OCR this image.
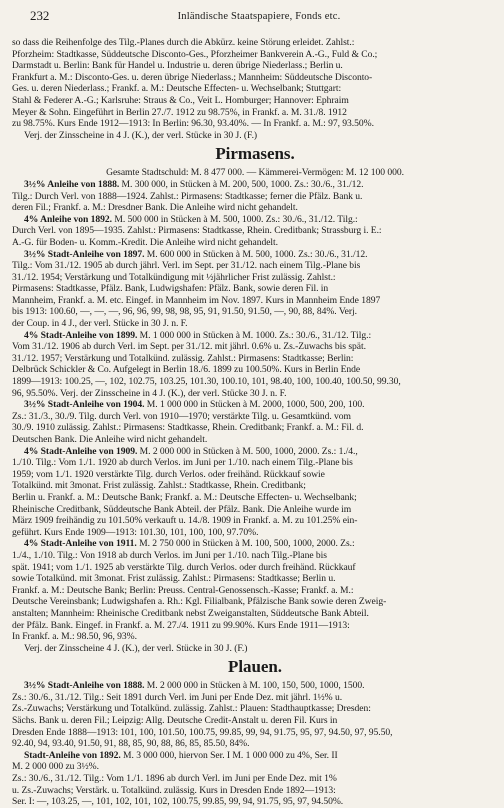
232	Inländische Staatspapiere, Fonds etc.

so dass die Reihenfolge des Tilg.-Planes durch die Abkürz. keine Störung erleidet. Zahlst.:

Pforzheim: Stadtkasse, Süddeutsche Disconto-Ges., Pforzheimer Bankverein A.-G., Fuld & Co.;

Darmstadt u. Berlin: Bank für Handel u. Industrie u. deren übrige Niederlass.; Berlin u.

Frankfurt a. M.: Disconto-Ges. u. deren übrige Niederlass.; Mannheim: Süddeutsche Disconto-

Ges. u. deren Niederlass.; Frankf. a. M.: Deutsche Effecten- u. Wechselbank; Stuttgart:

Stahl & Federer A.-G.; Karlsruhe: Straus & Co., Veit L. Homburger; Hannover: Ephraim

Meyer & Sohn. Eingeführt in Berlin 27./7. 1912 zu 98.75%, in Frankf. a. M. 31./8. 1912

zu 98.75%. Kurs Ende 1912—1913: In Berlin: 96.30, 93.40%. — In Frankf. a. M.: 97, 93.50%.

Verj. der Zinsscheine in 4 J. (K.), der verl. Stücke in 30 J. (F.)

Pirmasens.

Gesamte Stadtschuld: M. 8 477 000. — Kämmerei-Vermögen: M. 12 100 000.

3½% Anleihe von 1888. M. 300 000, in Stücken à M. 200, 500, 1000. Zs.: 30./6., 31./12.

Tilg.: Durch Verl. von 1888—1924. Zahlst.: Pirmasens: Stadtkasse; ferner die Pfälz. Bank u.

deren Fil.; Frankf. a. M.: Dresdner Bank. Die Anleihe wird nicht gehandelt.

4% Anleihe von 1892. M. 500 000 in Stücken à M. 500, 1000. Zs.: 30./6., 31./12. Tilg.:

Durch Verl. von 1895—1935. Zahlst.: Pirmasens: Stadtkasse, Rhein. Creditbank; Strassburg i. E.:

A.-G. für Boden- u. Komm.-Kredit. Die Anleihe wird nicht gehandelt.

3½% Stadt-Anleihe von 1897. M. 600 000 in Stücken à M. 500, 1000. Zs.: 30./6., 31./12.

Tilg.: Vom 31./12. 1905 ab durch jährl. Verl. im Sept. per 31./12. nach einem Tilg.-Plane bis

31./12. 1954; Verstärkung und Totalkündigung mit ½jährlicher Frist zulässig. Zahlst.:

Pirmasens: Stadtkasse, Pfälz. Bank, Ludwigshafen: Pfälz. Bank, sowie deren Fil. in

Mannheim, Frankf. a. M. etc. Eingef. in Mannheim im Nov. 1897. Kurs in Mannheim Ende 1897

bis 1913: 100.60, —, —, —, 96, 96, 99, 98, 98, 95, 91, 91.50, 91.50, —, 90, 88, 84%. Verj.

der Coup. in 4 J., der verl. Stücke in 30 J. n. F.

4% Stadt-Anleihe von 1899. M. 1 000 000 in Stücken à M. 1000. Zs.: 30./6., 31./12. Tilg.:

Vom 31./12. 1906 ab durch Verl. im Sept. per 31./12. mit jährl. 0.6% u. Zs.-Zuwachs bis spät.

31./12. 1957; Verstärkung und Totalkünd. zulässig. Zahlst.: Pirmasens: Stadtkasse; Berlin:

Delbrück Schickler & Co. Aufgelegt in Berlin 18./6. 1899 zu 100.50%. Kurs in Berlin Ende

1899—1913: 100.25, —, 102, 102.75, 103.25, 101.30, 100.10, 101, 98.40, 100, 100.40, 100.50, 99.30,

96, 95.50%. Verj. der Zinsscheine in 4 J. (K.), der verl. Stücke 30 J. n. F.

3½% Stadt-Anleihe von 1904. M. 1 000 000 in Stücken à M. 2000, 1000, 500, 200, 100.

Zs.: 31./3., 30./9. Tilg. durch Verl. von 1910—1970; verstärkte Tilg. u. Gesamtkünd. vom

30./9. 1910 zulässig. Zahlst.: Pirmasens: Stadtkasse, Rhein. Creditbank; Frankf. a. M.: Fil. d.

Deutschen Bank. Die Anleihe wird nicht gehandelt.

4% Stadt-Anleihe von 1909. M. 2 000 000 in Stücken à M. 500, 1000, 2000. Zs.: 1./4.,

1./10. Tilg.: Vom 1./1. 1920 ab durch Verlos. im Juni per 1./10. nach einem Tilg.-Plane bis

1959; vom 1./1. 1920 verstärkte Tilg. durch Verlos. oder freihänd. Rückkauf sowie

Totalkünd. mit 3monat. Frist zulässig. Zahlst.: Stadtkasse, Rhein. Creditbank;

Berlin u. Frankf. a. M.: Deutsche Bank; Frankf. a. M.: Deutsche Effecten- u. Wechselbank;

Rheinische Creditbank, Süddeutsche Bank Abteil. der Pfälz. Bank. Die Anleihe wurde im

März 1909 freihändig zu 101.50% verkauft u. 14./8. 1909 in Frankf. a. M. zu 101.25% ein-

geführt. Kurs Ende 1909—1913: 101.30, 101, 100, 100, 97.70%.

4% Stadt-Anleihe von 1911. M. 2 750 000 in Stücken à M. 100, 500, 1000, 2000. Zs.:

1./4., 1./10. Tilg.: Von 1918 ab durch Verlos. im Juni per 1./10. nach Tilg.-Plane bis

spät. 1941; vom 1./1. 1925 ab verstärkte Tilg. durch Verlos. oder durch freihänd. Rückkauf

sowie Totalkünd. mit 3monat. Frist zulässig. Zahlst.: Pirmasens: Stadtkasse; Berlin u.

Frankf. a. M.: Deutsche Bank; Berlin: Preuss. Central-Genossensch.-Kasse; Frankf. a. M.:

Deutsche Vereinsbank; Ludwigshafen a. Rh.: Kgl. Filialbank, Pfälzische Bank sowie deren Zweig-

anstalten; Mannheim: Rheinische Creditbank nebst Zweiganstalten, Süddeutsche Bank Abteil.

der Pfälz. Bank. Eingef. in Frankf. a. M. 27./4. 1911 zu 99.90%. Kurs Ende 1911—1913:

In Frankf. a. M.: 98.50, 96, 93%.

Verj. der Zinsscheine 4 J. (K.), der verl. Stücke in 30 J. (F.)

Plauen.

3½% Stadt-Anleihe von 1888. M. 2 000 000 in Stücken à M. 100, 150, 500, 1000, 1500.

Zs.: 30./6., 31./12. Tilg.: Seit 1891 durch Verl. im Juni per Ende Dez. mit jährl. 1½% u.

Zs.-Zuwachs; Verstärkung und Totalkünd. zulässig. Zahlst.: Plauen: Stadthauptkasse; Dresden:

Sächs. Bank u. deren Fil.; Leipzig: Allg. Deutsche Credit-Anstalt u. deren Fil. Kurs in

Dresden Ende 1888—1913: 101, 100, 101.50, 100.75, 99.85, 99, 94, 91.75, 95, 97, 94.50, 97, 95.50,

92.40, 94, 93.40, 91.50, 91, 88, 85, 90, 88, 86, 85, 85.50, 84%.

Stadt-Anleihe von 1892. M. 3 000 000, hiervon Ser. I M. 1 000 000 zu 4%, Ser. II

M. 2 000 000 zu 3½%.

Zs.: 30./6., 31./12. Tilg.: Vom 1./1. 1896 ab durch Verl. im Juni per Ende Dez. mit 1%

u. Zs.-Zuwachs; Verstärk. u. Totalkünd. zulässig. Kurs in Dresden Ende 1892—1913:

Ser. I: —, 103.25, —, 101, 102, 101, 102, 100.75, 99.85, 99, 94, 91.75, 95, 97, 94.50%.
